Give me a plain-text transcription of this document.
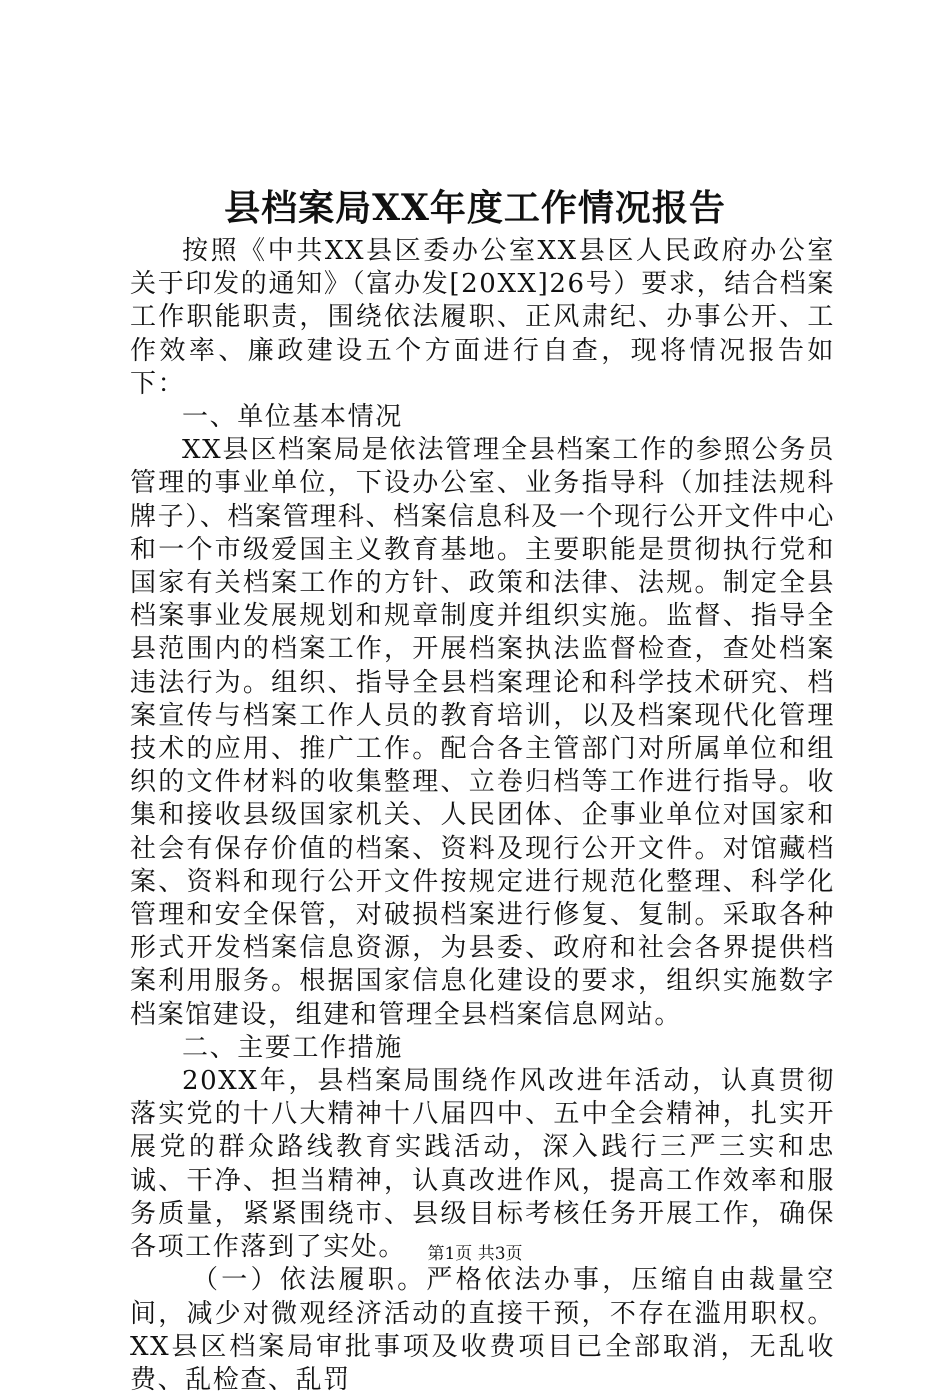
县档案局XX年度工作情况报告

按照《中共XX县区委办公室XX县区人民政府办公室关于印发的通知》（富办发[20XX]26号）要求，结合档案工作职能职责，围绕依法履职、正风肃纪、办事公开、工作效率、廉政建设五个方面进行自查，现将情况报告如下：

一、单位基本情况

XX县区档案局是依法管理全县档案工作的参照公务员管理的事业单位，下设办公室、业务指导科（加挂法规科牌子）、档案管理科、档案信息科及一个现行公开文件中心和一个市级爱国主义教育基地。主要职能是贯彻执行党和国家有关档案工作的方针、政策和法律、法规。制定全县档案事业发展规划和规章制度并组织实施。监督、指导全县范围内的档案工作，开展档案执法监督检查，查处档案违法行为。组织、指导全县档案理论和科学技术研究、档案宣传与档案工作人员的教育培训，以及档案现代化管理技术的应用、推广工作。配合各主管部门对所属单位和组织的文件材料的收集整理、立卷归档等工作进行指导。收集和接收县级国家机关、人民团体、企事业单位对国家和社会有保存价值的档案、资料及现行公开文件。对馆藏档案、资料和现行公开文件按规定进行规范化整理、科学化管理和安全保管，对破损档案进行修复、复制。采取各种形式开发档案信息资源，为县委、政府和社会各界提供档案利用服务。根据国家信息化建设的要求，组织实施数字档案馆建设，组建和管理全县档案信息网站。

二、主要工作措施

20XX年，县档案局围绕作风改进年活动，认真贯彻落实党的十八大精神十八届四中、五中全会精神，扎实开展党的群众路线教育实践活动，深入践行三严三实和忠诚、干净、担当精神，认真改进作风，提高工作效率和服务质量，紧紧围绕市、县级目标考核任务开展工作，确保各项工作落到了实处。

（一）依法履职。严格依法办事，压缩自由裁量空间，减少对微观经济活动的直接干预，不存在滥用职权。XX县区档案局审批事项及收费项目已全部取消，无乱收费、乱检查、乱罚

第1页 共3页
